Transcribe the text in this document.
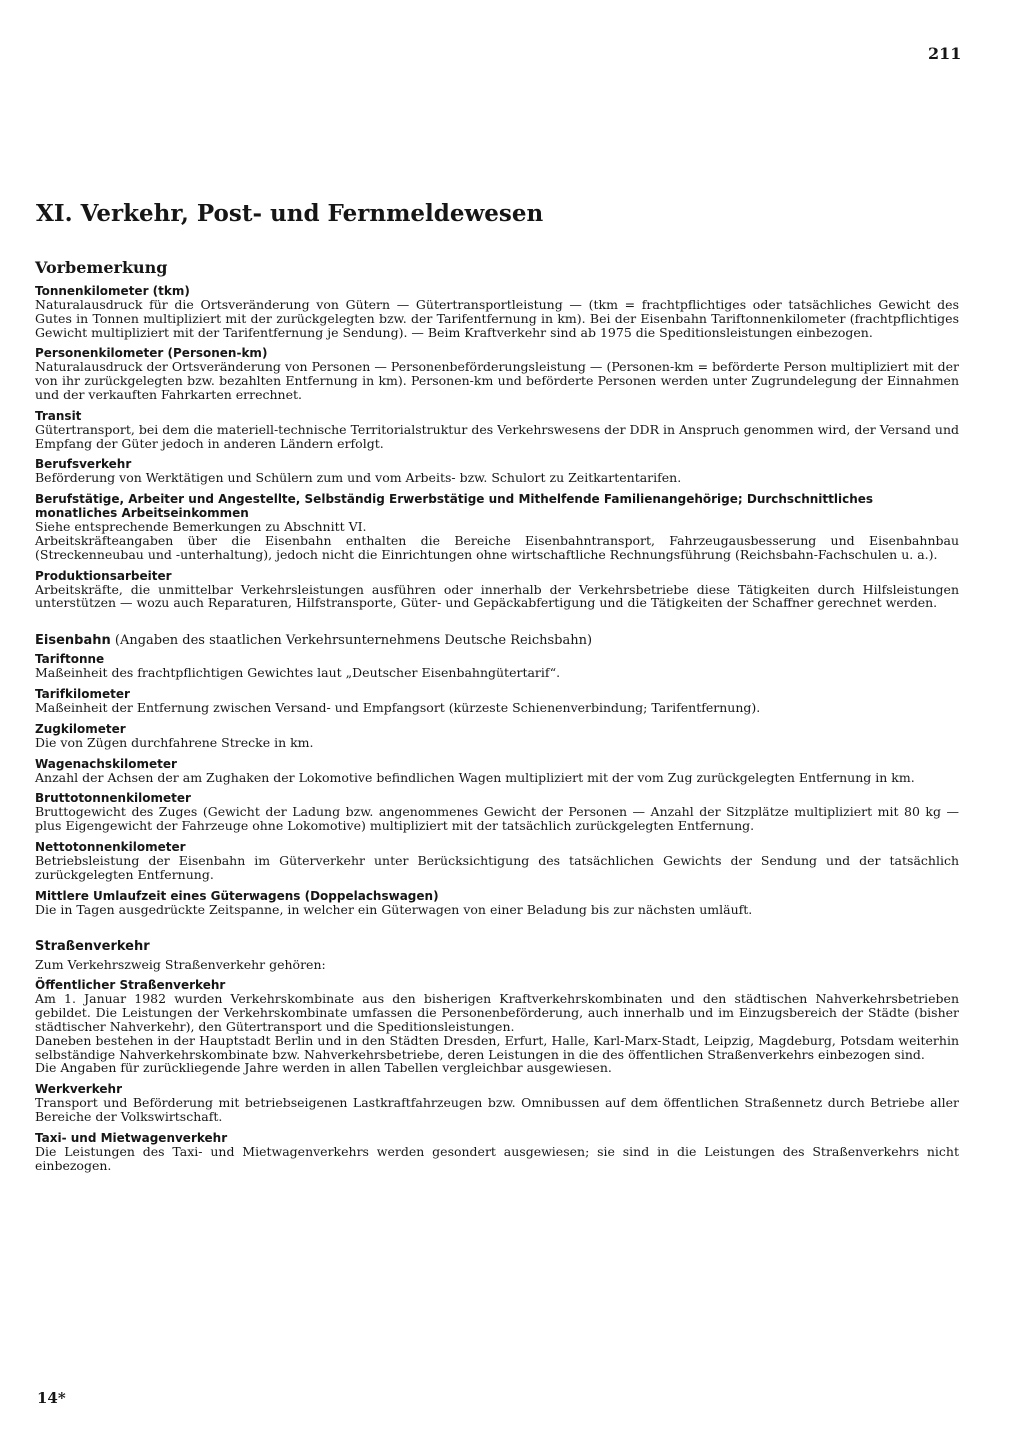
211
XI. Verkehr, Post- und Fernmeldewesen
Vorbemerkung
Tonnenkilometer (tkm)

Naturalausdruck für die Ortsveränderung von Gütern — Gütertransportleistung — (tkm = frachtpflichtiges oder tatsächliches Gewicht des Gutes in Tonnen multipliziert mit der zurückgelegten bzw. der Tarifentfernung in km). Bei der Eisenbahn Tariftonnenkilometer (frachtpflichtiges Gewicht multipliziert mit der Tarifentfernung je Sendung). — Beim Kraftverkehr sind ab 1975 die Speditionsleistungen einbezogen.

Personenkilometer (Personen-km)

Naturalausdruck der Ortsveränderung von Personen — Personenbeförderungsleistung — (Personen-km = beförderte Person multipliziert mit der von ihr zurückgelegten bzw. bezahlten Entfernung in km). Personen-km und beförderte Personen werden unter Zugrundelegung der Einnahmen und der verkauften Fahrkarten errechnet.

Transit

Gütertransport, bei dem die materiell-technische Territorialstruktur des Verkehrswesens der DDR in Anspruch genommen wird, der Versand und Empfang der Güter jedoch in anderen Ländern erfolgt.

Berufsverkehr

Beförderung von Werktätigen und Schülern zum und vom Arbeits- bzw. Schulort zu Zeitkartentarifen.

Berufstätige, Arbeiter und Angestellte, Selbständig Erwerbstätige und Mithelfende Familienangehörige; Durchschnittliches monatliches Arbeitseinkommen

Siehe entsprechende Bemerkungen zu Abschnitt VI.

Arbeitskräfteangaben über die Eisenbahn enthalten die Bereiche Eisenbahntransport, Fahrzeugausbesserung und Eisenbahnbau (Streckenneubau und -unterhaltung), jedoch nicht die Einrichtungen ohne wirtschaftliche Rechnungsführung (Reichsbahn-Fachschulen u. a.).

Produktionsarbeiter

Arbeitskräfte, die unmittelbar Verkehrsleistungen ausführen oder innerhalb der Verkehrsbetriebe diese Tätigkeiten durch Hilfsleistungen unterstützen — wozu auch Reparaturen, Hilfstransporte, Güter- und Gepäckabfertigung und die Tätigkeiten der Schaffner gerechnet werden.

Eisenbahn (Angaben des staatlichen Verkehrsunternehmens Deutsche Reichsbahn)
Tariftonne

Maßeinheit des frachtpflichtigen Gewichtes laut „Deutscher Eisenbahngütertarif“.

Tarifkilometer

Maßeinheit der Entfernung zwischen Versand- und Empfangsort (kürzeste Schienenverbindung; Tarifentfernung).

Zugkilometer

Die von Zügen durchfahrene Strecke in km.

Wagenachskilometer

Anzahl der Achsen der am Zughaken der Lokomotive befindlichen Wagen multipliziert mit der vom Zug zurückgelegten Entfernung in km.

Bruttotonnenkilometer

Bruttogewicht des Zuges (Gewicht der Ladung bzw. angenommenes Gewicht der Personen — Anzahl der Sitzplätze multipliziert mit 80 kg — plus Eigengewicht der Fahrzeuge ohne Lokomotive) multipliziert mit der tatsächlich zurückgelegten Entfernung.

Nettotonnenkilometer

Betriebsleistung der Eisenbahn im Güterverkehr unter Berücksichtigung des tatsächlichen Gewichts der Sendung und der tatsächlich zurückgelegten Entfernung.

Mittlere Umlaufzeit eines Güterwagens (Doppelachswagen)

Die in Tagen ausgedrückte Zeitspanne, in welcher ein Güterwagen von einer Beladung bis zur nächsten umläuft.

Straßenverkehr

Zum Verkehrszweig Straßenverkehr gehören:

Öffentlicher Straßenverkehr

Am 1. Januar 1982 wurden Verkehrskombinate aus den bisherigen Kraftverkehrskombinaten und den städtischen Nahverkehrsbetrieben gebildet. Die Leistungen der Verkehrskombinate umfassen die Personenbeförderung, auch innerhalb und im Einzugsbereich der Städte (bisher städtischer Nahverkehr), den Gütertransport und die Speditionsleistungen.

Daneben bestehen in der Hauptstadt Berlin und in den Städten Dresden, Erfurt, Halle, Karl-Marx-Stadt, Leipzig, Magdeburg, Potsdam weiterhin selbständige Nahverkehrskombinate bzw. Nahverkehrsbetriebe, deren Leistungen in die des öffentlichen Straßenverkehrs einbezogen sind.

Die Angaben für zurückliegende Jahre werden in allen Tabellen vergleichbar ausgewiesen.

Werkverkehr

Transport und Beförderung mit betriebseigenen Lastkraftfahrzeugen bzw. Omnibussen auf dem öffentlichen Straßennetz durch Betriebe aller Bereiche der Volkswirtschaft.

Taxi- und Mietwagenverkehr

Die Leistungen des Taxi- und Mietwagenverkehrs werden gesondert ausgewiesen; sie sind in die Leistungen des Straßenverkehrs nicht einbezogen.

14*
